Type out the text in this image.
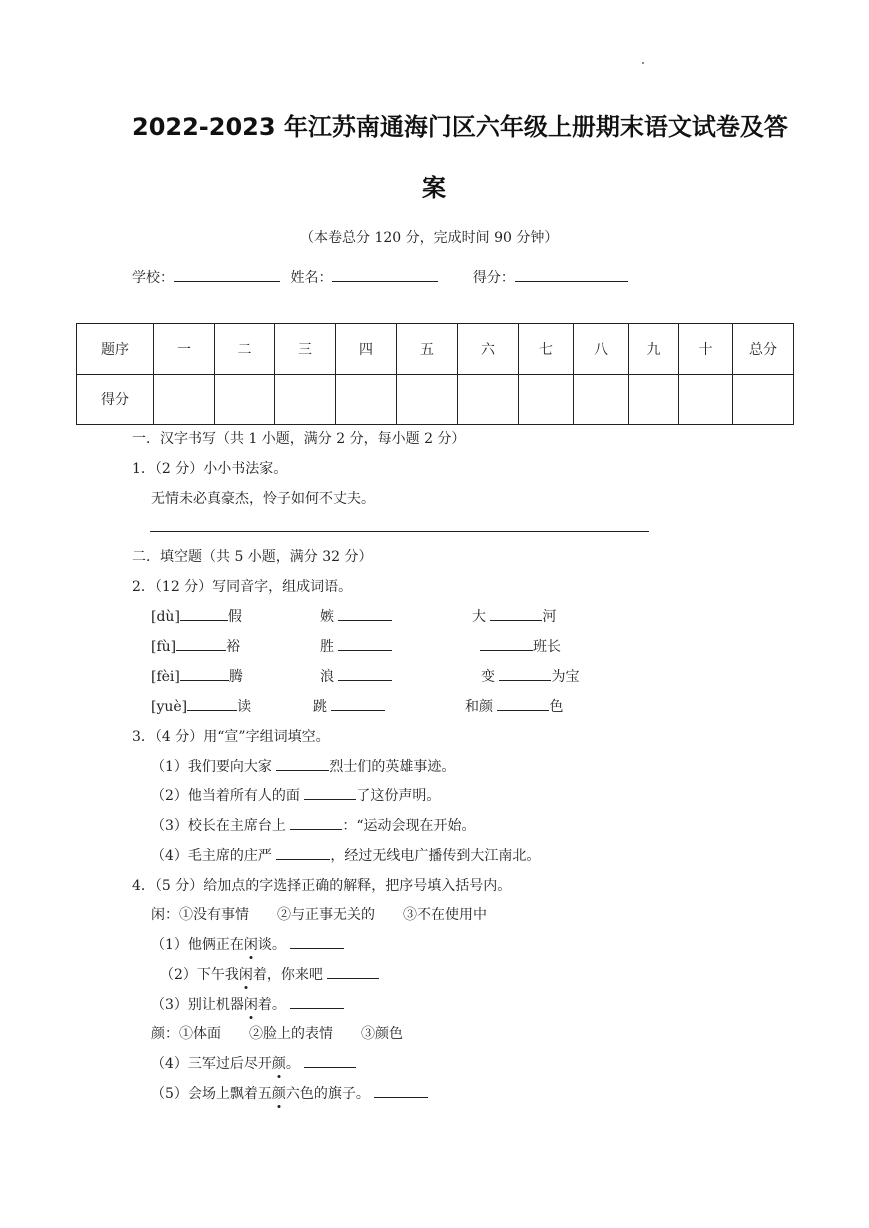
2022-2023 年江苏南通海门区六年级上册期末语文试卷及答
案
（本卷总分 120 分，完成时间 90 分钟）
学校：	姓名：	得分：
题序	一	二	三	四	五	六	七	八	九	十	总分
得分											
一．汉字书写（共 1 小题，满分 2 分，每小题 2 分）
1．（2 分）小小书法家。
无情未必真豪杰，怜子如何不丈夫。
二．填空题（共 5 小题，满分 32 分）
2．（12 分）写同音字，组成词语。
[dù]	假	嫉	大	河
[fù]	裕	胜	班长
[fèi]	腾	浪	变	为宝
[yuè]	读	跳	和颜	色
3．（4 分）用“宣”字组词填空。
（1）我们要向大家	烈士们的英雄事迹。
（2）他当着所有人的面	了这份声明。
（3）校长在主席台上	：“运动会现在开始。
（4）毛主席的庄严	，经过无线电广播传到大江南北。
4．（5 分）给加点的字选择正确的解释，把序号填入括号内。
闲：①没有事情　　②与正事无关的　　③不在使用中
（1）他俩正在闲谈。
（2）下午我闲着，你来吧
（3）别让机器闲着。
颜：①体面　　②脸上的表情　　③颜色
（4）三军过后尽开颜。
（5）会场上飘着五颜六色的旗子。
